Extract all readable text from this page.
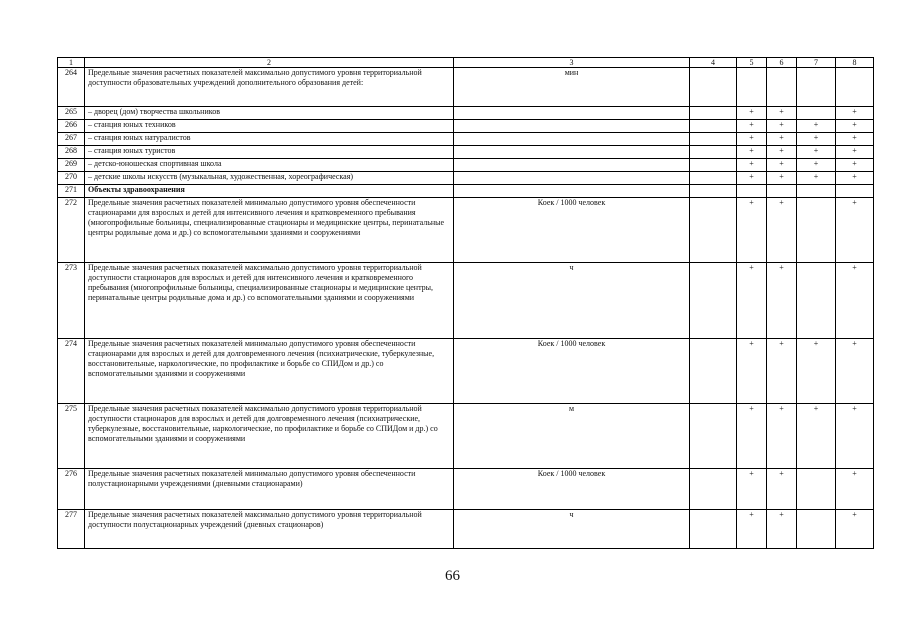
1	2	3	4	5	6	7	8
264	Предельные значения расчетных показателей максимально допустимого уровня территориальной доступности образовательных учреждений дополнительного образования детей:	мин					
265	– дворец (дом) творчества школьников			+	+		+
266	– станция юных техников			+	+	+	+
267	– станция юных натуралистов			+	+	+	+
268	– станция юных туристов			+	+	+	+
269	– детско-юношеская спортивная школа			+	+	+	+
270	– детские школы искусств (музыкальная, художественная, хореографическая)			+	+	+	+
271	Объекты здравоохранения						
272	Предельные значения расчетных показателей минимально допустимого уровня обеспеченности стационарами для взрослых и детей для интенсивного лечения и кратковременного пребывания (многопрофильные больницы, специализированные стационары и медицинские центры, перинатальные центры родильные дома и др.) со вспомогательными зданиями и сооружениями	Коек / 1000 человек		+	+		+
273	Предельные значения расчетных показателей максимально допустимого уровня территориальной доступности стационаров для взрослых и детей для интенсивного лечения и кратковременного пребывания (многопрофильные больницы, специализированные стационары и медицинские центры, перинатальные центры родильные дома и др.) со вспомогательными зданиями и сооружениями	ч		+	+		+
274	Предельные значения расчетных показателей минимально допустимого уровня обеспеченности стационарами для взрослых и детей для долговременного лечения (психиатрические, туберкулезные, восстановительные, наркологические, по профилактике и борьбе со СПИДом и др.) со вспомогательными зданиями и сооружениями	Коек / 1000 человек		+	+	+	+
275	Предельные значения расчетных показателей максимально допустимого уровня территориальной доступности стационаров для взрослых и детей для долговременного лечения (психиатрические, туберкулезные, восстановительные, наркологические, по профилактике и борьбе со СПИДом и др.) со вспомогательными зданиями и сооружениями	м		+	+	+	+
276	Предельные значения расчетных показателей минимально допустимого уровня обеспеченности полустационарными учреждениями (дневными стационарами)	Коек / 1000 человек		+	+		+
277	Предельные значения расчетных показателей максимально допустимого уровня территориальной доступности полустационарных учреждений (дневных стационаров)	ч		+	+		+
66
